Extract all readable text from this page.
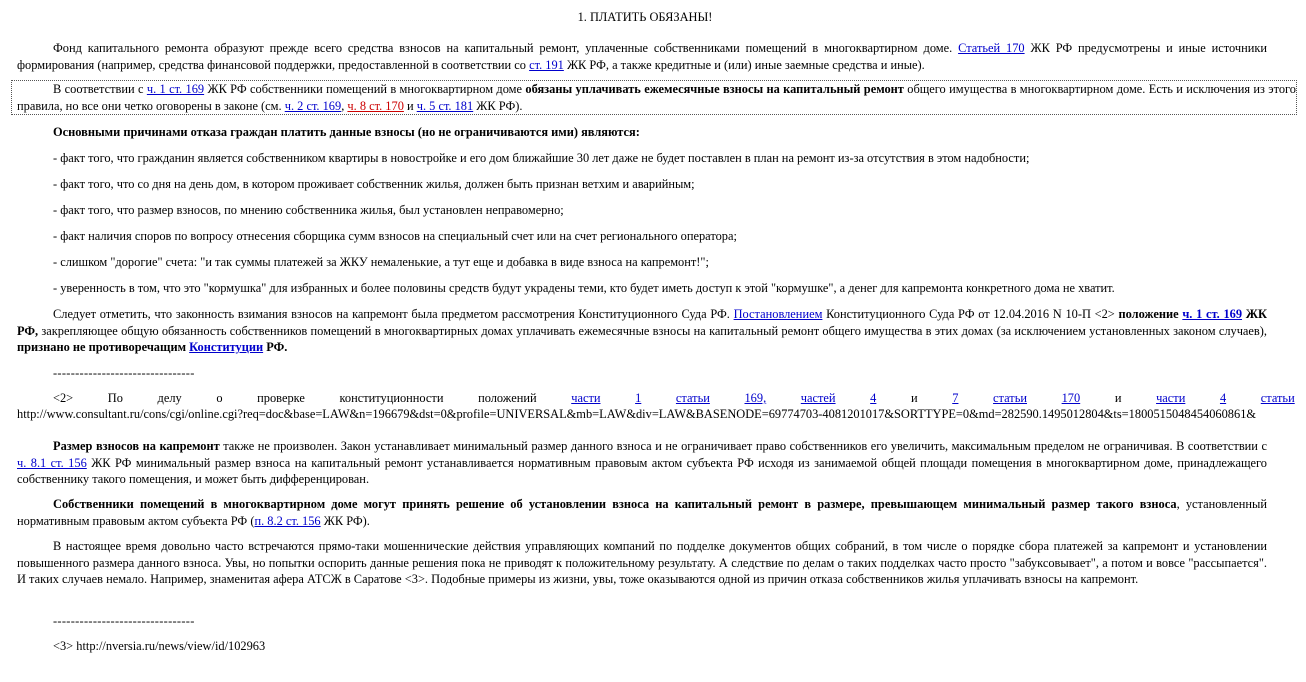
1. ПЛАТИТЬ ОБЯЗАНЫ!

Фонд капитального ремонта образуют прежде всего средства взносов на капитальный ремонт, уплаченные собственниками помещений в многоквартирном доме. Статьей 170 ЖК РФ предусмотрены и иные источники формирования (например, средства финансовой поддержки, предоставленной в соответствии со ст. 191 ЖК РФ, а также кредитные и (или) иные заемные средства и иные).

В соответствии с ч. 1 ст. 169 ЖК РФ собственники помещений в многоквартирном доме обязаны уплачивать ежемесячные взносы на капитальный ремонт общего имущества в многоквартирном доме. Есть и исключения из этого правила, но все они четко оговорены в законе (см. ч. 2 ст. 169, ч. 8 ст. 170 и ч. 5 ст. 181 ЖК РФ).

Основными причинами отказа граждан платить данные взносы (но не ограничиваются ими) являются:

- факт того, что гражданин является собственником квартиры в новостройке и его дом ближайшие 30 лет даже не будет поставлен в план на ремонт из-за отсутствия в этом надобности;

- факт того, что со дня на день дом, в котором проживает собственник жилья, должен быть признан ветхим и аварийным;

- факт того, что размер взносов, по мнению собственника жилья, был установлен неправомерно;

- факт наличия споров по вопросу отнесения сборщика сумм взносов на специальный счет или на счет регионального оператора;

- слишком "дорогие" счета: "и так суммы платежей за ЖКУ немаленькие, а тут еще и добавка в виде взноса на капремонт!";

- уверенность в том, что это "кормушка" для избранных и более половины средств будут украдены теми, кто будет иметь доступ к этой "кормушке", а денег для капремонта конкретного дома не хватит.

Следует отметить, что законность взимания взносов на капремонт была предметом рассмотрения Конституционного Суда РФ. Постановлением Конституционного Суда РФ от 12.04.2016 N 10-П <2> положение ч. 1 ст. 169 ЖК РФ, закрепляющее общую обязанность собственников помещений в многоквартирных домах уплачивать ежемесячные взносы на капитальный ремонт общего имущества в этих домах (за исключением установленных законом случаев), признано не противоречащим Конституции РФ.

--------------------------------
<2>	По	делу	о	проверке	конституционности	положений	части	1	статьи	169,	частей	4	и	7	статьи	170	и	части	4	статьи
http://www.consultant.ru/cons/cgi/online.cgi?req=doc&base=LAW&n=196679&dst=0&profile=UNIVERSAL&mb=LAW&div=LAW&BASENODE=69774703-4081201017&SORTTYPE=0&md=282590.1495012804&ts=1800515048454060861&

Размер взносов на капремонт также не произволен. Закон устанавливает минимальный размер данного взноса и не ограничивает право собственников его увеличить, максимальным пределом не ограничивая. В соответствии с ч. 8.1 ст. 156 ЖК РФ минимальный размер взноса на капитальный ремонт устанавливается нормативным правовым актом субъекта РФ исходя из занимаемой общей площади помещения в многоквартирном доме, принадлежащего собственнику такого помещения, и может быть дифференцирован.

Собственники помещений в многоквартирном доме могут принять решение об установлении взноса на капитальный ремонт в размере, превышающем минимальный размер такого взноса, установленный нормативным правовым актом субъекта РФ (п. 8.2 ст. 156 ЖК РФ).

В настоящее время довольно часто встречаются прямо-таки мошеннические действия управляющих компаний по подделке документов общих собраний, в том числе о порядке сбора платежей за капремонт и установлении повышенного размера данного взноса. Увы, но попытки оспорить данные решения пока не приводят к положительному результату. А следствие по делам о таких подделках часто просто "забуксовывает", а потом и вовсе "рассыпается". И таких случаев немало. Например, знаменитая афера АТСЖ в Саратове <3>. Подобные примеры из жизни, увы, тоже оказываются одной из причин отказа собственников жилья уплачивать взносы на капремонт.

--------------------------------
<3> http://nversia.ru/news/view/id/102963
